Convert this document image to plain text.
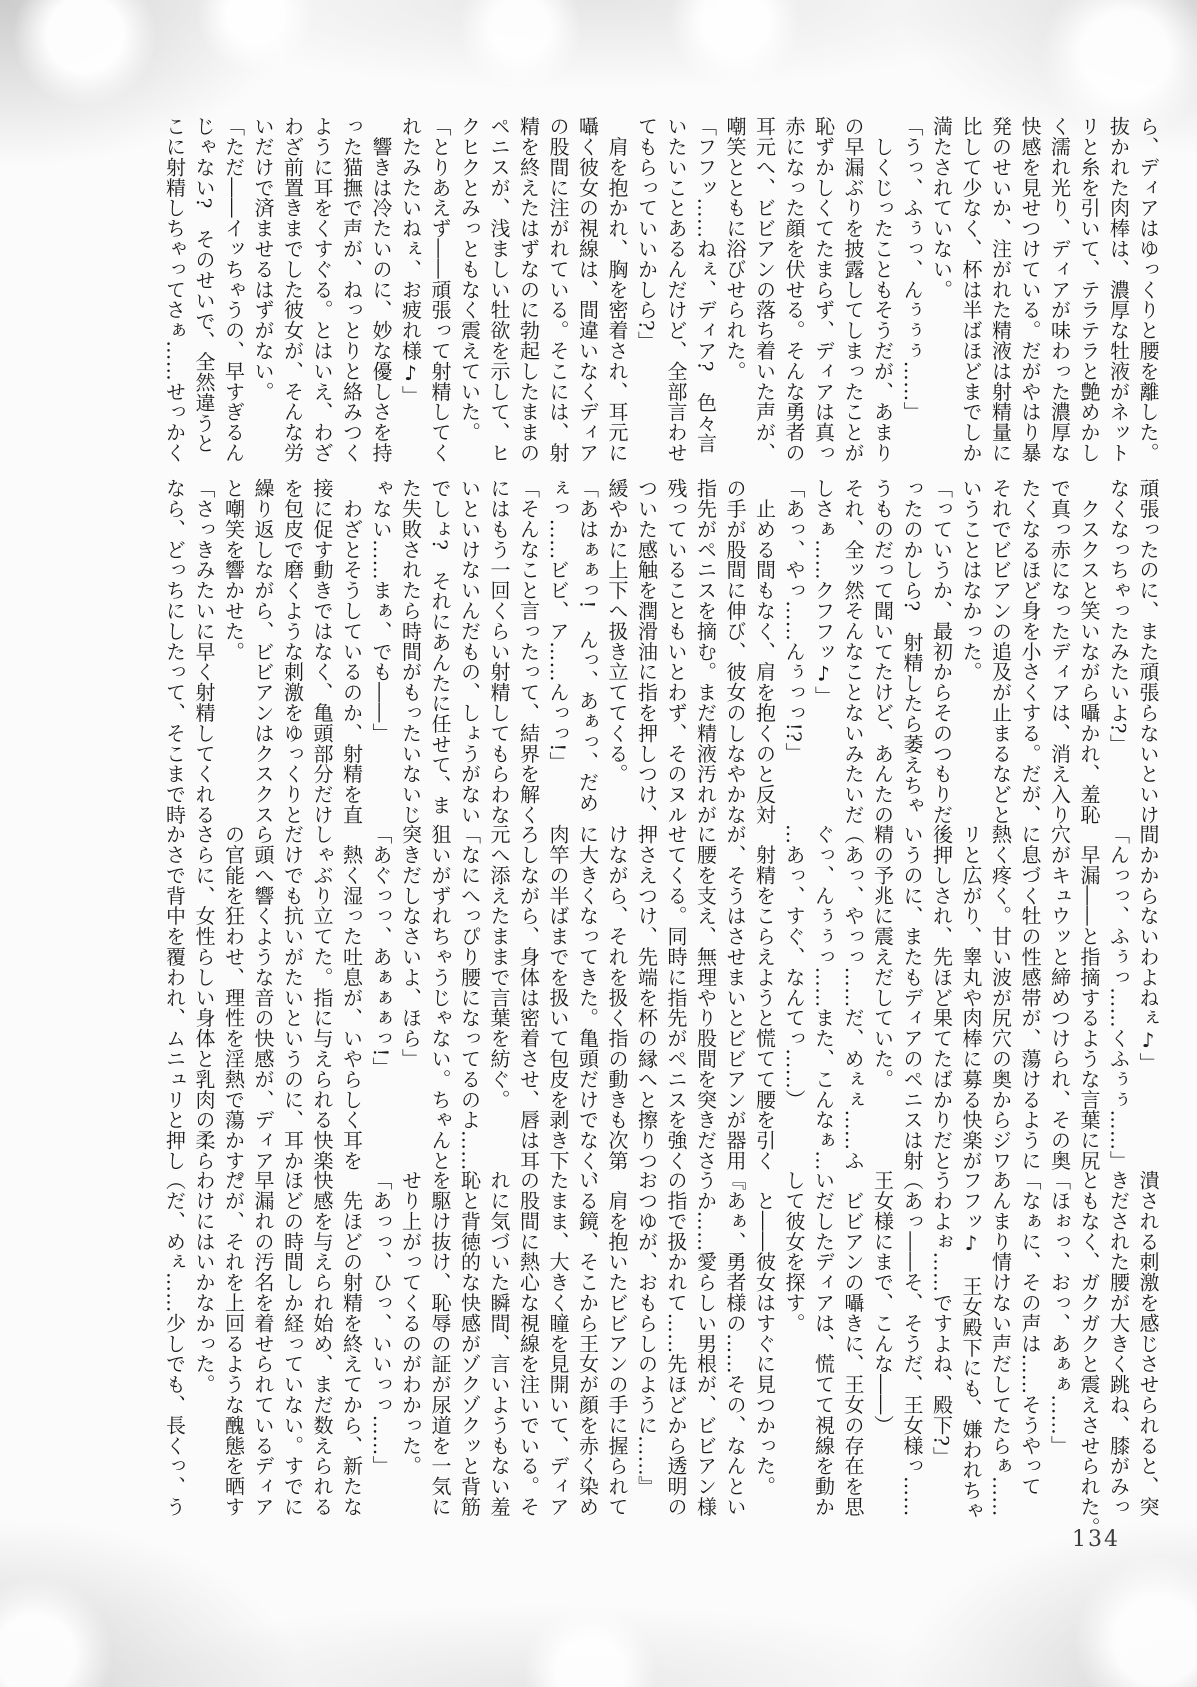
ら、ディアはゆっくりと腰を離した。

抜かれた肉棒は、濃厚な牡液がネット

リと糸を引いて、テラテラと艶めかし

く濡れ光り、ディアが味わった濃厚な

快感を見せつけている。だがやはり暴

発のせいか、注がれた精液は射精量に

比して少なく、杯は半ばほどまでしか

満たされていない。

「うっ、ふぅっ、んぅぅぅ……」

　しくじったこともそうだが、あまり

の早漏ぶりを披露してしまったことが

恥ずかしくてたまらず、ディアは真っ

赤になった顔を伏せる。そんな勇者の

耳元へ、ビビアンの落ち着いた声が、

嘲笑とともに浴びせられた。

「フフッ……ねぇ、ディア?　色々言

いたいことあるんだけど、全部言わせ

てもらっていいかしら?」

　肩を抱かれ、胸を密着され、耳元に

囁く彼女の視線は、間違いなくディア

の股間に注がれている。そこには、射

精を終えたはずなのに勃起したままの

ペニスが、浅ましい牡欲を示して、ヒ

クヒクとみっともなく震えていた。

「とりあえず――頑張って射精してく

れたみたいねぇ、お疲れ様♪」

　響きは冷たいのに、妙な優しさを持

った猫撫で声が、ねっとりと絡みつく

ように耳をくすぐる。とはいえ、わざ

わざ前置きまでした彼女が、そんな労

いだけで済ませるはずがない。

「ただ――イッちゃうの、早すぎるん

じゃない?　そのせいで、全然違うと

こに射精しちゃってさぁ……せっかく

頑張ったのに、また頑張らないといけ

なくなっちゃったみたいよ?」

　クスクスと笑いながら囁かれ、羞恥

で真っ赤になったディアは、消え入り

たくなるほど身を小さくする。だが、

それでビビアンの追及が止まるなどと

いうことはなかった。

「っていうか、最初からそのつもりだ

ったのかしら?　射精したら萎えちゃ

うものだって聞いてたけど、あんたの

それ、全ッ然そんなことないみたいだ

しさぁ……クフフッ♪」

「あっ、やっ……んぅっっ!?」

　止める間もなく、肩を抱くのと反対

の手が股間に伸び、彼女のしなやかな

指先がペニスを摘む。まだ精液汚れが

残っていることもいとわず、そのヌル

ついた感触を潤滑油に指を押しつけ、

緩やかに上下へ扱き立ててくる。

「あはぁぁっ!　んっ、あぁっ、だめ

ぇっ……ビビ、ア……んっっ!」

「そんなこと言ったって、結界を解く

にはもう一回くらい射精してもらわな

いといけないんだもの、しょうがない

でしょ?　それにあんたに任せて、ま

た失敗されたら時間がもったいないじ

ゃない……まぁ、でも――」

　わざとそうしているのか、射精を直

接に促す動きではなく、亀頭部分だけ

を包皮で磨くような刺激をゆっくりと

繰り返しながら、ビビアンはクスクス

と嘲笑を響かせた。

「さっきみたいに早く射精してくれる

なら、どっちにしたって、そこまで時

間かからないわよねぇ♪」

「んっっ、ふぅっ……くふぅぅ……」

　早漏――と指摘するような言葉に尻

穴がキュウッと締めつけられ、その奥

に息づく牡の性感帯が、蕩けるように

熱く疼く。甘い波が尻穴の奥からジワ

リと広がり、睾丸や肉棒に募る快楽が

後押しされ、先ほど果てたばかりだと

いうのに、またもディアのペニスは射

精の予兆に震えだしていた。

（あっ、やっっ……だ、めぇぇ……ふ

ぐっ、んぅぅっ……また、こんなぁ…

…あっ、すぐ、なんてっ……）

　射精をこらえようと慌てて腰を引く

が、そうはさせまいとビビアンが器用

に腰を支え、無理やり股間を突きださ

せてくる。同時に指先がペニスを強く

押さえつけ、先端を杯の縁へと擦りつ

けながら、それを扱く指の動きも次第

に大きくなってきた。亀頭だけでなく、

肉竿の半ばまでを扱いて包皮を剥き下

ろしながら、身体は密着させ、唇は耳

元へ添えたままで言葉を紡ぐ。

「なにへっぴり腰になってるのよ……

狙いがずれちゃうじゃない。ちゃんと

突きだしなさいよ、ほら」

「あぐっっ、あぁぁぁっ!」

　熱く湿った吐息が、いやらしく耳を

しゃぶり立てた。指に与えられる快楽

だけでも抗いがたいというのに、耳か

ら頭へ響くような音の快感が、ディア

の官能を狂わせ、理性を淫熱で蕩かす。

さらに、女性らしい身体と乳肉の柔ら

かさで背中を覆われ、ムニュリと押し

潰される刺激を感じさせられると、突

きだされた腰が大きく跳ね、膝がみっ

ともなく、ガクガクと震えさせられた。

「ほぉっ、おっ、あぁぁ……」

「なぁに、その声は……そうやって

あんまり情けない声だしてたらぁ……

フフッ♪　王女殿下にも、嫌われちゃ

うわよぉ……ですよね、殿下?」

（あっ――そ、そうだ、王女様っ……

王女様にまで、こんな――）

　ビビアンの囁きに、王女の存在を思

いだしたディアは、慌てて視線を動か

して彼女を探す。

　と――彼女はすぐに見つかった。

『あぁ、勇者様の……その、なんとい

うか……愛らしい男根が、ビビアン様

の指で扱かれて……先ほどから透明の

おつゆが、おもらしのように……』

　肩を抱いたビビアンの手に握られて

いる鏡、そこから王女が顔を赤く染め

たまま、大きく瞳を見開いて、ディア

の股間に熱心な視線を注いでいる。そ

れに気づいた瞬間、言いようもない羞

恥と背徳的な快感がゾクゾクッと背筋

を駆け抜け、恥辱の証が尿道を一気に

せり上がってくるのがわかった。

「あっっ、ひっ、いいっっ……」

　先ほどの射精を終えてから、新たな

快感を与えられ始め、まだ数えられる

ほどの時間しか経っていない。すでに

早漏れの汚名を着せられているディア

だが、それを上回るような醜態を晒す

わけにはいかなかった。

（だ、めぇ……少しでも、長くっ、う

134
